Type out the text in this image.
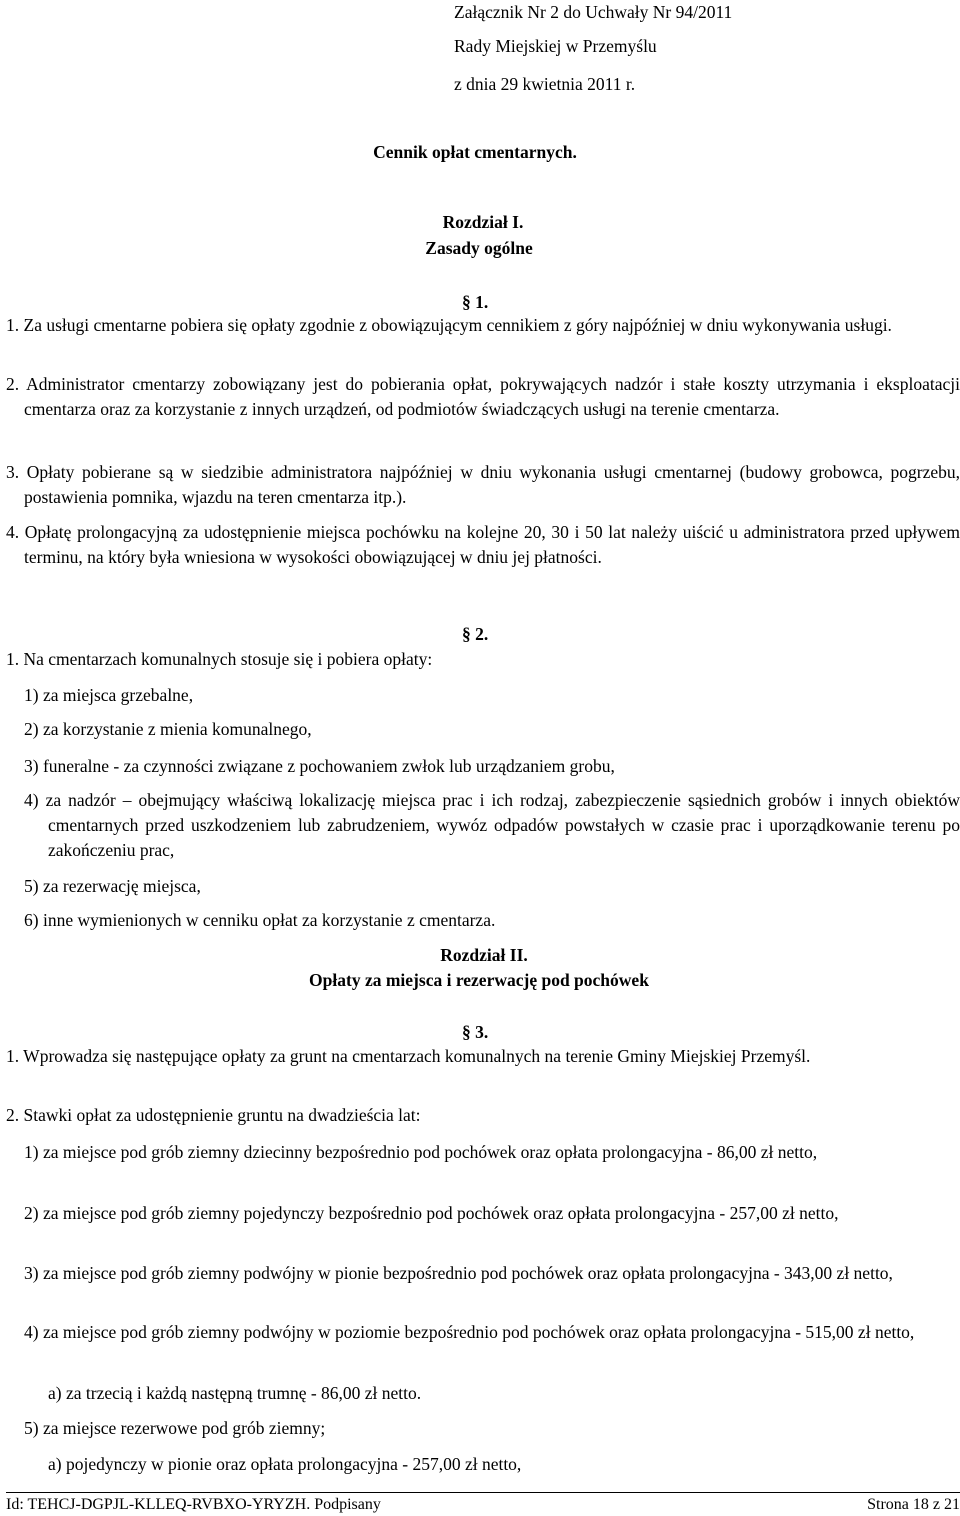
Załącznik Nr 2 do Uchwały Nr 94/2011
Rady Miejskiej w Przemyślu
z dnia 29 kwietnia 2011 r.
Cennik opłat cmentarnych.
Rozdział I.
Zasady ogólne
§ 1.
1. Za usługi cmentarne pobiera się opłaty zgodnie z obowiązującym cennikiem z góry najpóźniej w dniu wykonywania usługi.
2. Administrator cmentarzy zobowiązany jest do pobierania opłat, pokrywających nadzór i stałe koszty utrzymania i eksploatacji cmentarza oraz za korzystanie z innych urządzeń, od podmiotów świadczących usługi na terenie cmentarza.
3. Opłaty pobierane są w siedzibie administratora najpóźniej w dniu wykonania usługi cmentarnej (budowy grobowca, pogrzebu, postawienia pomnika, wjazdu na teren cmentarza itp.).
4. Opłatę prolongacyjną za udostępnienie miejsca pochówku na kolejne 20, 30 i 50 lat należy uiścić u administratora przed upływem terminu, na który była wniesiona w wysokości obowiązującej w dniu jej płatności.
§ 2.
1. Na cmentarzach komunalnych stosuje się i pobiera opłaty:
1) za miejsca grzebalne,
2) za korzystanie z mienia komunalnego,
3) funeralne - za czynności związane z pochowaniem zwłok lub urządzaniem grobu,
4) za nadzór – obejmujący właściwą lokalizację miejsca prac i ich rodzaj, zabezpieczenie sąsiednich grobów i innych obiektów cmentarnych przed uszkodzeniem lub zabrudzeniem, wywóz odpadów powstałych w czasie prac i uporządkowanie terenu po zakończeniu prac,
5) za rezerwację miejsca,
6) inne wymienionych w cenniku opłat za korzystanie z cmentarza.
Rozdział II.
Opłaty za miejsca i rezerwację pod pochówek
§ 3.
1. Wprowadza się następujące opłaty za grunt na cmentarzach komunalnych na terenie Gminy Miejskiej Przemyśl.
2. Stawki opłat za udostępnienie gruntu na dwadzieścia lat:
1) za miejsce pod grób ziemny dziecinny bezpośrednio pod pochówek oraz opłata prolongacyjna - 86,00 zł netto,
2) za miejsce pod grób ziemny pojedynczy bezpośrednio pod pochówek oraz opłata prolongacyjna - 257,00 zł netto,
3) za miejsce pod grób ziemny podwójny w pionie bezpośrednio pod pochówek oraz opłata prolongacyjna - 343,00 zł netto,
4) za miejsce pod grób ziemny podwójny w poziomie bezpośrednio pod pochówek oraz opłata prolongacyjna - 515,00 zł netto,
a) za trzecią i każdą następną trumnę - 86,00 zł netto.
5) za miejsce rezerwowe pod grób ziemny;
a) pojedynczy w pionie oraz opłata prolongacyjna - 257,00 zł netto,
Id: TEHCJ-DGPJL-KLLEQ-RVBXO-YRYZH. Podpisany	Strona 18 z 21
